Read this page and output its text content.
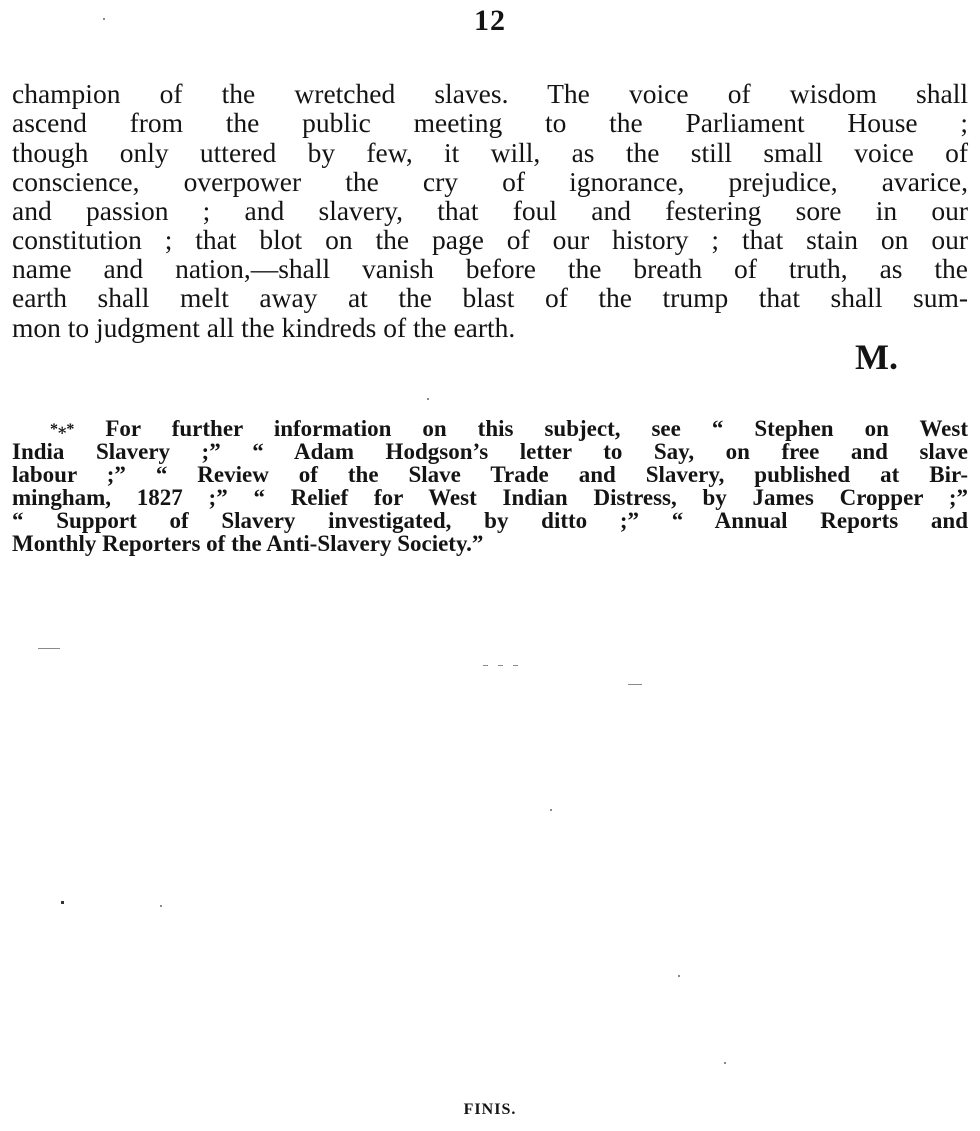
12
champion of the wretched slaves. The voice of wisdom shall
ascend from the public meeting to the Parliament House ;
though only uttered by few, it will, as the still small voice of
conscience, overpower the cry of ignorance, prejudice, avarice,
and passion ; and slavery, that foul and festering sore in our
constitution ; that blot on the page of our history ; that stain on our
name and nation,—shall vanish before the breath of truth, as the
earth shall melt away at the blast of the trump that shall sum-
mon to judgment all the kindreds of the earth.
M.
*⁎* For further information on this subject, see “ Stephen on West
India Slavery ;” “ Adam Hodgson’s letter to Say, on free and slave
labour ;” “ Review of the Slave Trade and Slavery, published at Bir-
mingham, 1827 ;” “ Relief for West Indian Distress, by James Cropper ;”
“ Support of Slavery investigated, by ditto ;” “ Annual Reports and
Monthly Reporters of the Anti-Slavery Society.”
FINIS.
